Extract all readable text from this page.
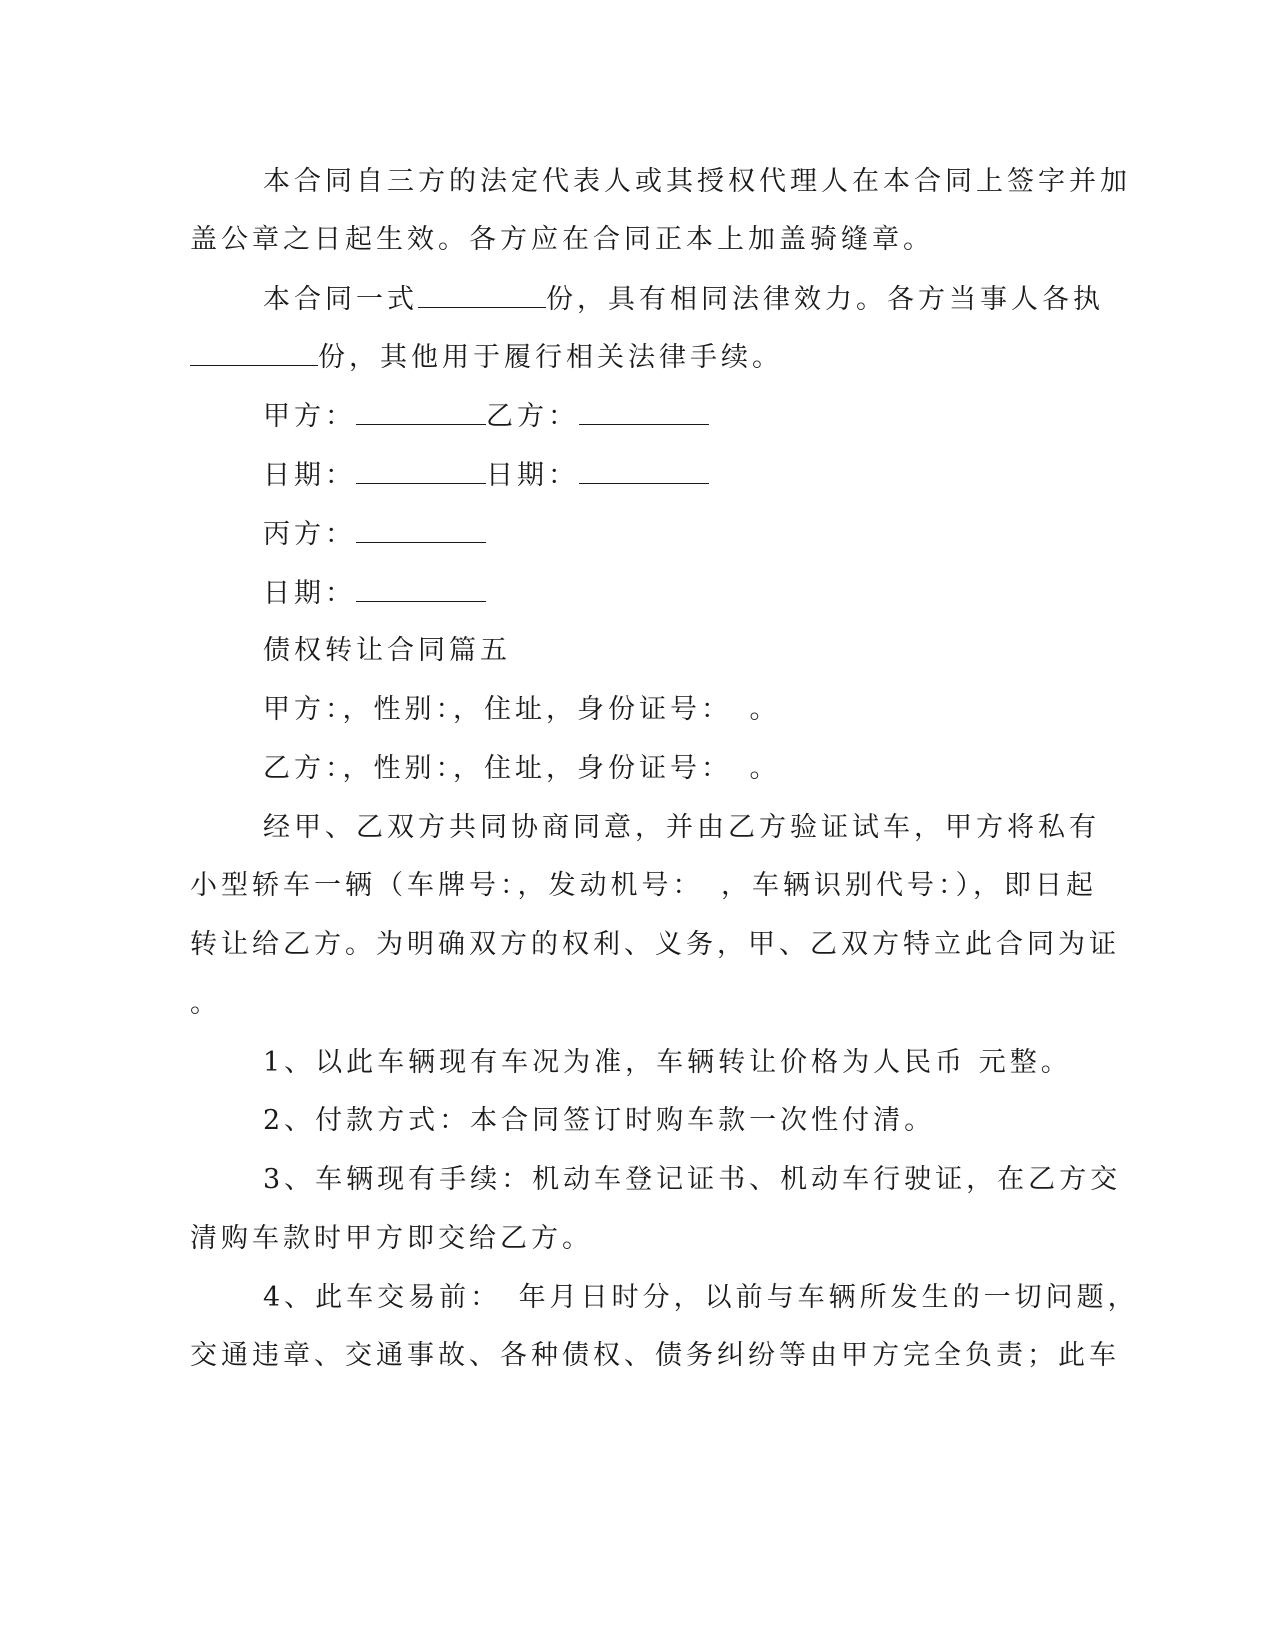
本合同自三方的法定代表人或其授权代理人在本合同上签字并加
盖公章之日起生效。各方应在合同正本上加盖骑缝章。
本合同一式	份，具有相同法律效力。各方当事人各执
份，其他用于履行相关法律手续。
甲方：	乙方：
日期：	日期：
丙方：
日期：
债权转让合同篇五
甲方：，性别：，住址，身份证号：　。
乙方：，性别：，住址，身份证号：　。
经甲、乙双方共同协商同意，并由乙方验证试车，甲方将私有
小型轿车一辆（车牌号：，发动机号：　，车辆识别代号：），即日起
转让给乙方。为明确双方的权利、义务，甲、乙双方特立此合同为证
。
1、以此车辆现有车况为准，车辆转让价格为人民币 元整。
2、付款方式：本合同签订时购车款一次性付清。
3、车辆现有手续：机动车登记证书、机动车行驶证，在乙方交
清购车款时甲方即交给乙方。
4、此车交易前：　年月日时分，以前与车辆所发生的一切问题，
交通违章、交通事故、各种债权、债务纠纷等由甲方完全负责；此车
